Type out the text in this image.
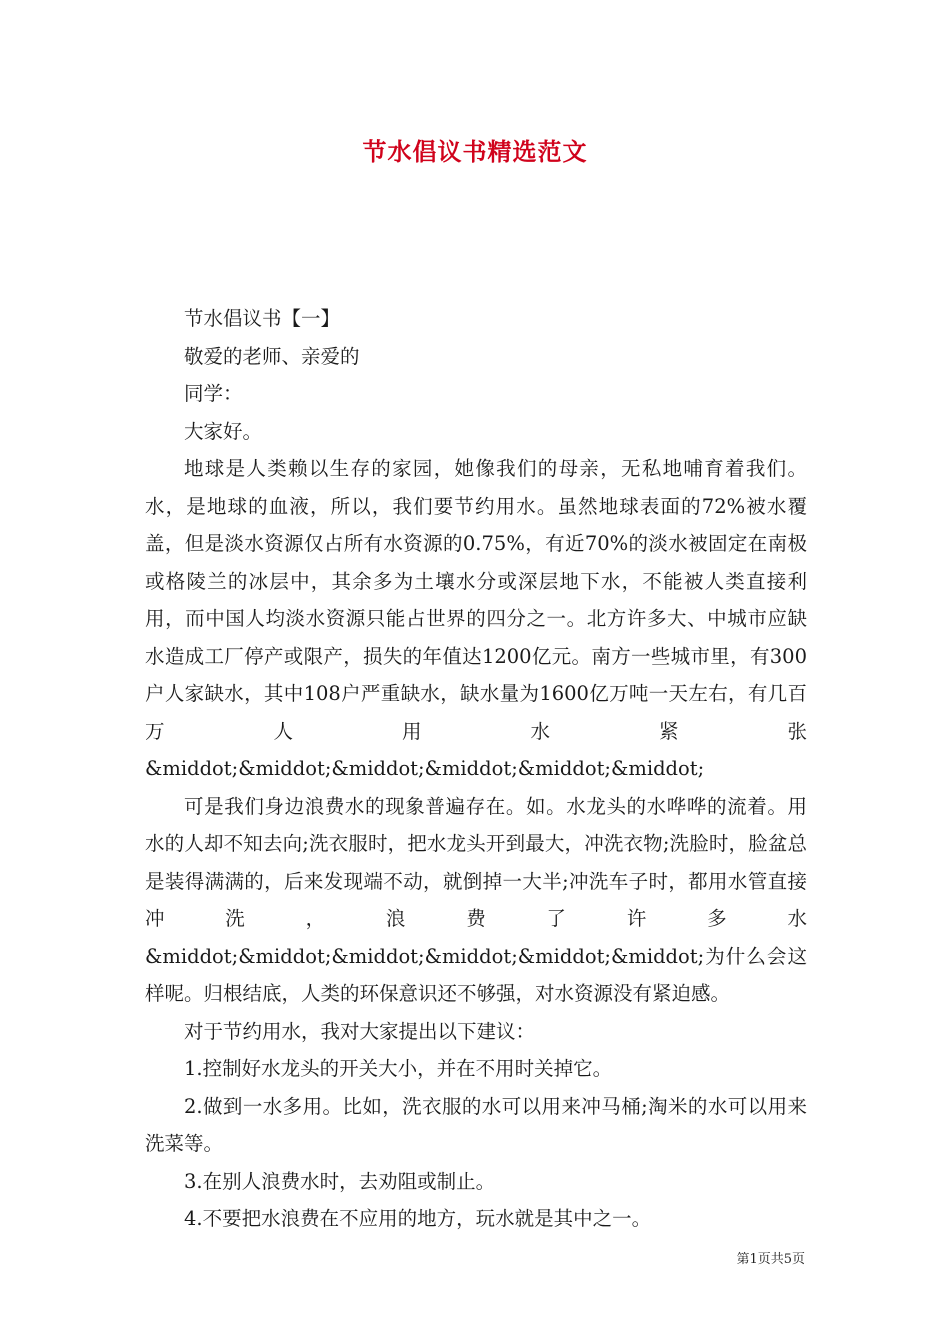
节水倡议书精选范文

节水倡议书【一】

敬爱的老师、亲爱的

同学：

大家好。

地球是人类赖以生存的家园，她像我们的母亲，无私地哺育着我们。水，是地球的血液，所以，我们要节约用水。虽然地球表面的72%被水覆盖，但是淡水资源仅占所有水资源的0.75%，有近70%的淡水被固定在南极或格陵兰的冰层中，其余多为土壤水分或深层地下水，不能被人类直接利用，而中国人均淡水资源只能占世界的四分之一。北方许多大、中城市应缺水造成工厂停产或限产，损失的年值达1200亿元。南方一些城市里，有300户人家缺水，其中108户严重缺水，缺水量为1600亿万吨一天左右，有几百万人用水紧张&middot;&middot;&middot;&middot;&middot;&middot;

可是我们身边浪费水的现象普遍存在。如。水龙头的水哗哗的流着。用水的人却不知去向;洗衣服时，把水龙头开到最大，冲洗衣物;洗脸时，脸盆总是装得满满的，后来发现端不动，就倒掉一大半;冲洗车子时，都用水管直接冲洗，浪费了许多水&middot;&middot;&middot;&middot;&middot;&middot;为什么会这样呢。归根结底，人类的环保意识还不够强，对水资源没有紧迫感。

对于节约用水，我对大家提出以下建议：

1.控制好水龙头的开关大小，并在不用时关掉它。

2.做到一水多用。比如，洗衣服的水可以用来冲马桶;淘米的水可以用来洗菜等。

3.在别人浪费水时，去劝阻或制止。

4.不要把水浪费在不应用的地方，玩水就是其中之一。

第1页共5页
